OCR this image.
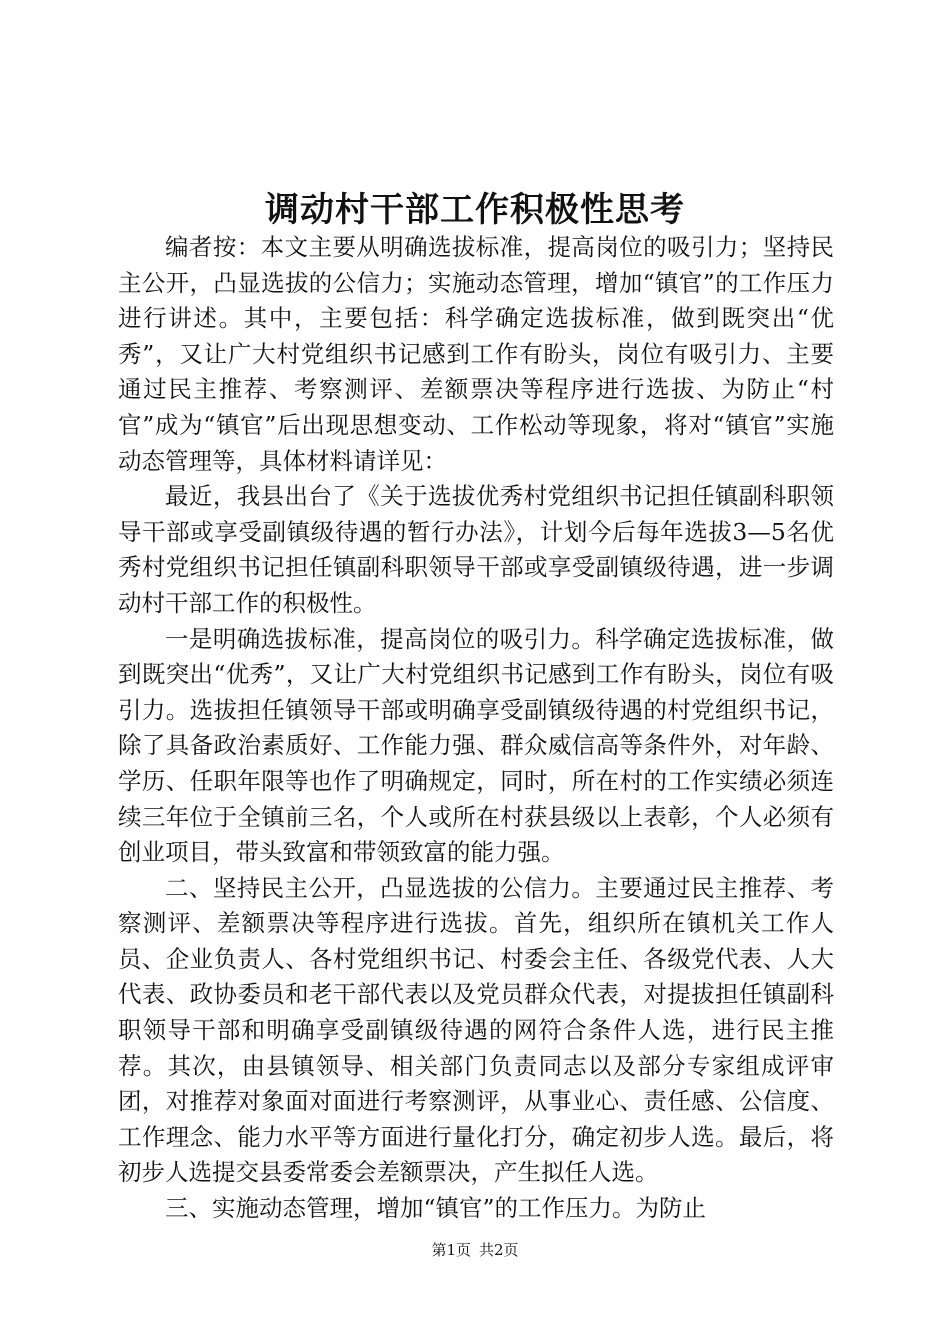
调动村干部工作积极性思考

编者按：本文主要从明确选拔标准，提高岗位的吸引力；坚持民主公开，凸显选拔的公信力；实施动态管理，增加“镇官”的工作压力进行讲述。其中，主要包括：科学确定选拔标准，做到既突出“优秀”，又让广大村党组织书记感到工作有盼头，岗位有吸引力、主要通过民主推荐、考察测评、差额票决等程序进行选拔、为防止“村官”成为“镇官”后出现思想变动、工作松动等现象，将对“镇官”实施动态管理等，具体材料请详见：

最近，我县出台了《关于选拔优秀村党组织书记担任镇副科职领导干部或享受副镇级待遇的暂行办法》，计划今后每年选拔3—5名优秀村党组织书记担任镇副科职领导干部或享受副镇级待遇，进一步调动村干部工作的积极性。

一是明确选拔标准，提高岗位的吸引力。科学确定选拔标准，做到既突出“优秀”，又让广大村党组织书记感到工作有盼头，岗位有吸引力。选拔担任镇领导干部或明确享受副镇级待遇的村党组织书记，除了具备政治素质好、工作能力强、群众威信高等条件外，对年龄、学历、任职年限等也作了明确规定，同时，所在村的工作实绩必须连续三年位于全镇前三名，个人或所在村获县级以上表彰，个人必须有创业项目，带头致富和带领致富的能力强。

二、坚持民主公开，凸显选拔的公信力。主要通过民主推荐、考察测评、差额票决等程序进行选拔。首先，组织所在镇机关工作人员、企业负责人、各村党组织书记、村委会主任、各级党代表、人大代表、政协委员和老干部代表以及党员群众代表，对提拔担任镇副科职领导干部和明确享受副镇级待遇的网符合条件人选，进行民主推荐。其次，由县镇领导、相关部门负责同志以及部分专家组成评审团，对推荐对象面对面进行考察测评，从事业心、责任感、公信度、工作理念、能力水平等方面进行量化打分，确定初步人选。最后，将初步人选提交县委常委会差额票决，产生拟任人选。

三、实施动态管理，增加“镇官”的工作压力。为防止

第1页 共2页
